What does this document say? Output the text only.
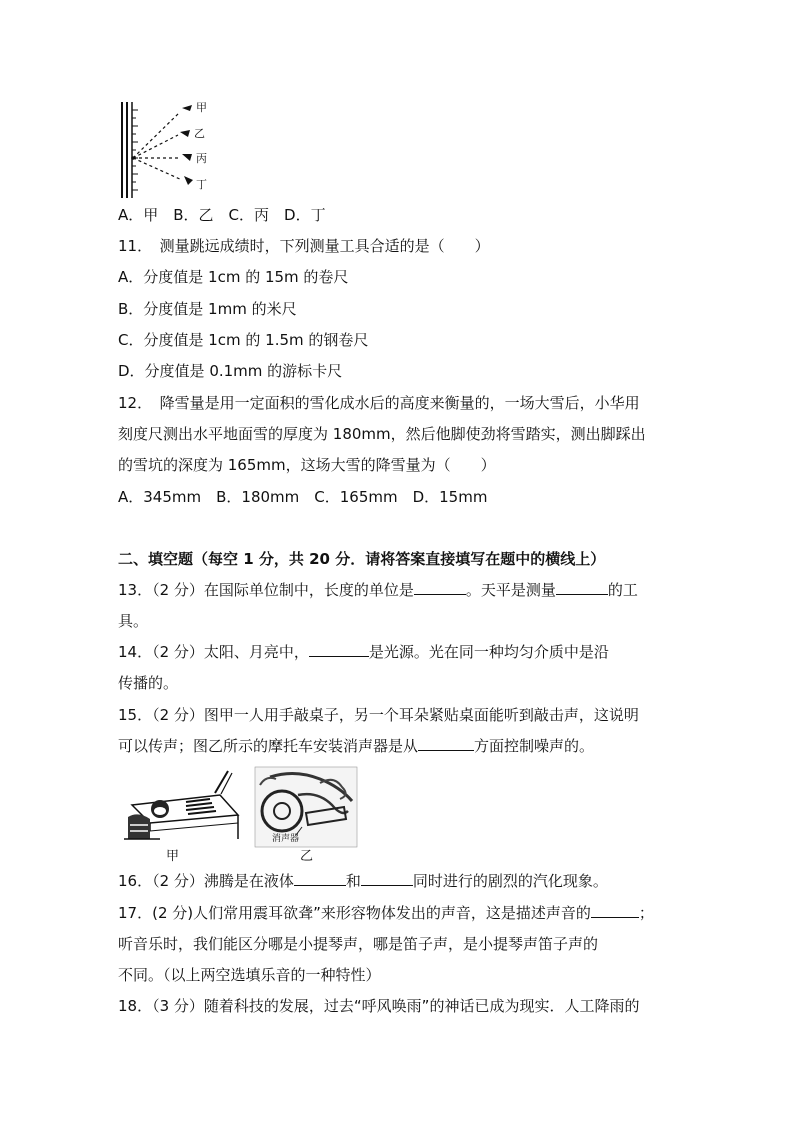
甲
乙
丙
丁
A．甲　B．乙　C．丙　D．丁
11．　测量跳远成绩时，下列测量工具合适的是（　　）
A．分度值是 1cm 的 15m 的卷尺
B．分度值是 1mm 的米尺
C．分度值是 1cm 的 1.5m 的钢卷尺
D．分度值是 0.1mm 的游标卡尺
12．　降雪量是用一定面积的雪化成水后的高度来衡量的，一场大雪后，小华用
刻度尺测出水平地面雪的厚度为 180mm，然后他脚使劲将雪踏实，测出脚踩出
的雪坑的深度为 165mm，这场大雪的降雪量为（　　）
A．345mm　B．180mm　C．165mm　D．15mm
二、填空题（每空 1 分，共 20 分．请将答案直接填写在题中的横线上）
13．（2 分）在国际单位制中，长度的单位是	。天平是测量	的工
具。
14．（2 分）太阳、月亮中，	是光源。光在同一种均匀介质中是沿
传播的。
15．（2 分）图甲一人用手敲桌子，另一个耳朵紧贴桌面能听到敲击声，这说明
可以传声；图乙所示的摩托车安装消声器是从	方面控制噪声的。
消声器
甲	乙
16．（2 分）沸腾是在液体	和	同时进行的剧烈的汽化现象。
17．(2 分)人们常用震耳欲聋”来形容物体发出的声音，这是描述声音的	；
听音乐时，我们能区分哪是小提琴声，哪是笛子声，是小提琴声笛子声的
不同。（以上两空选填乐音的一种特性）
18．（3 分）随着科技的发展，过去“呼风唤雨”的神话已成为现实．人工降雨的
